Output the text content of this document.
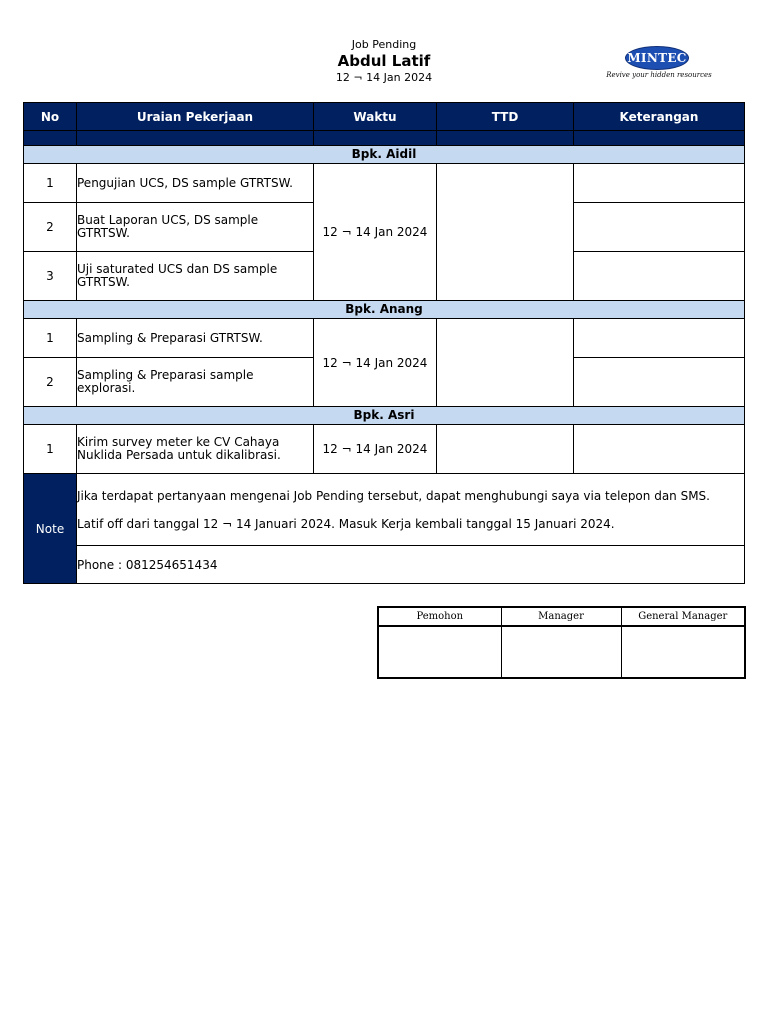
Job Pending
Abdul Latif
12 ¬ 14 Jan 2024
MINTEC
Revive your hidden resources
No	Uraian Pekerjaan	Waktu	TTD	Keterangan

Bpk. Aidil				
1	Pengujian UCS, DS sample GTRTSW.	12 ¬ 14 Jan 2024		
2	Buat Laporan UCS, DS sample GTRTSW.			
3	Uji saturated UCS dan DS sample GTRTSW.			
Bpk. Anang				
1	Sampling & Preparasi GTRTSW.	12 ¬ 14 Jan 2024		
2	Sampling & Preparasi sample explorasi.			
Bpk. Asri				
1	Kirim survey meter ke CV Cahaya Nuklida Persada untuk dikalibrasi.	12 ¬ 14 Jan 2024		
Note	Jika terdapat pertanyaan mengenai Job Pending tersebut, dapat menghubungi saya via telepon dan SMS.

Latif off dari tanggal 12 ¬ 14 Januari 2024. Masuk Kerja kembali tanggal 15 Januari 2024.			

	Phone : 081254651434			
Pemohon	Manager	General Manager
